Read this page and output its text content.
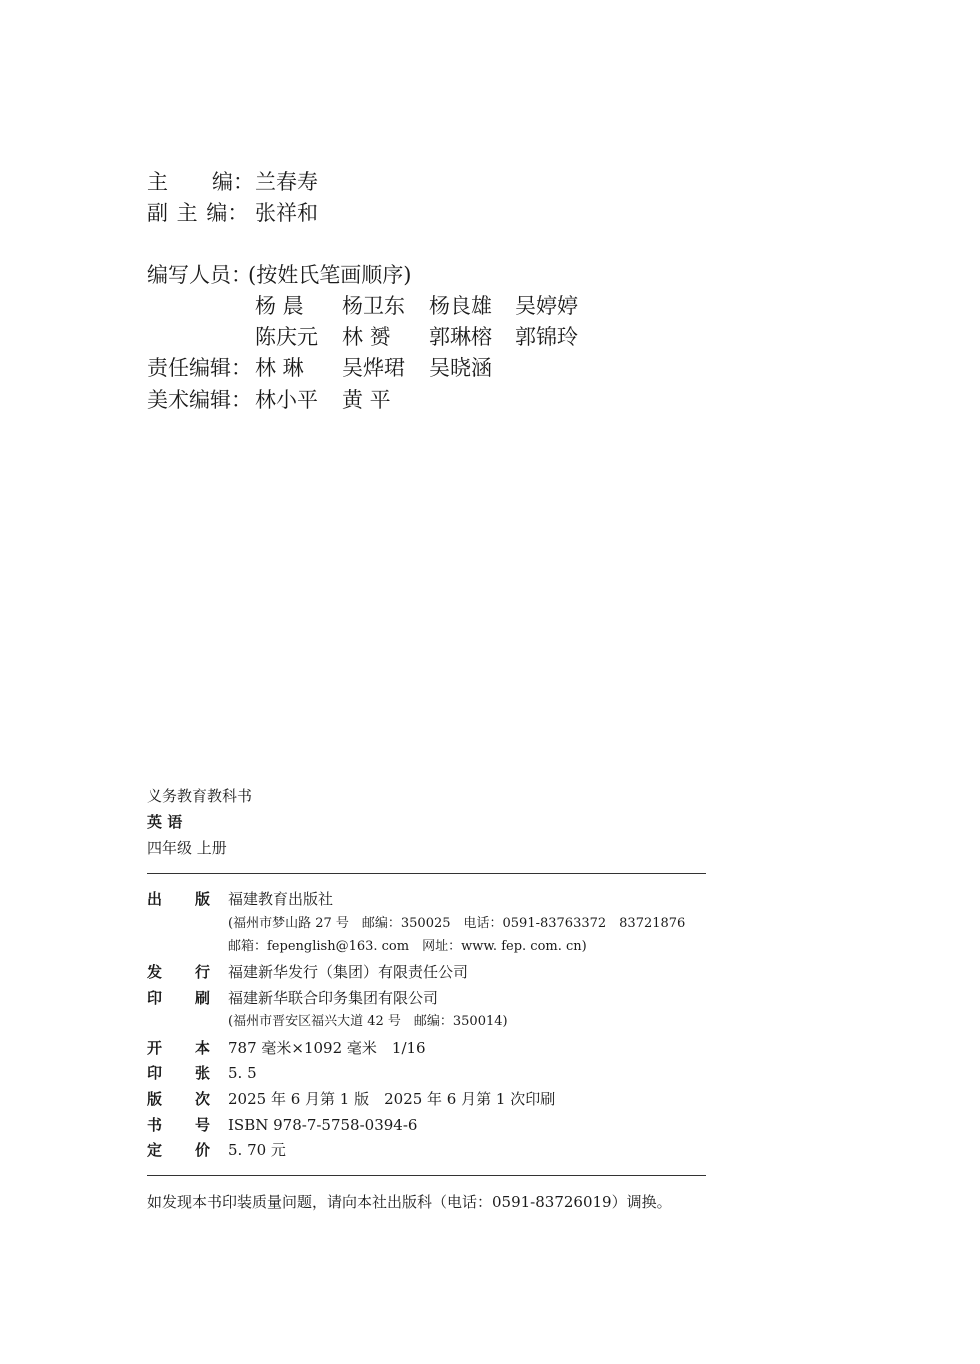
主 编： 兰春寿
副 主 编： 张祥和
编写人员：
(按姓氏笔画顺序)
杨 晨 杨卫东 杨良雄 吴婷婷
陈庆元 林 赟 郭琳榕 郭锦玲
责任编辑： 林 琳 吴烨珺 吴晓涵
美术编辑： 林小平 黄 平
义务教育教科书
英 语
四年级 上册
出 版 福建教育出版社
(福州市梦山路 27 号　邮编：350025　电话：0591-83763372　83721876
邮箱：fepenglish@163. com　网址：www. fep. com. cn)
发 行 福建新华发行（集团）有限责任公司
印 刷 福建新华联合印务集团有限公司
(福州市晋安区福兴大道 42 号　邮编：350014)
开 本 787 毫米×1092 毫米　1/16
印 张 5. 5
版 次 2025 年 6 月第 1 版　2025 年 6 月第 1 次印刷
书 号 ISBN 978-7-5758-0394-6
定 价 5. 70 元
如发现本书印装质量问题，请向本社出版科（电话：0591-83726019）调换。
